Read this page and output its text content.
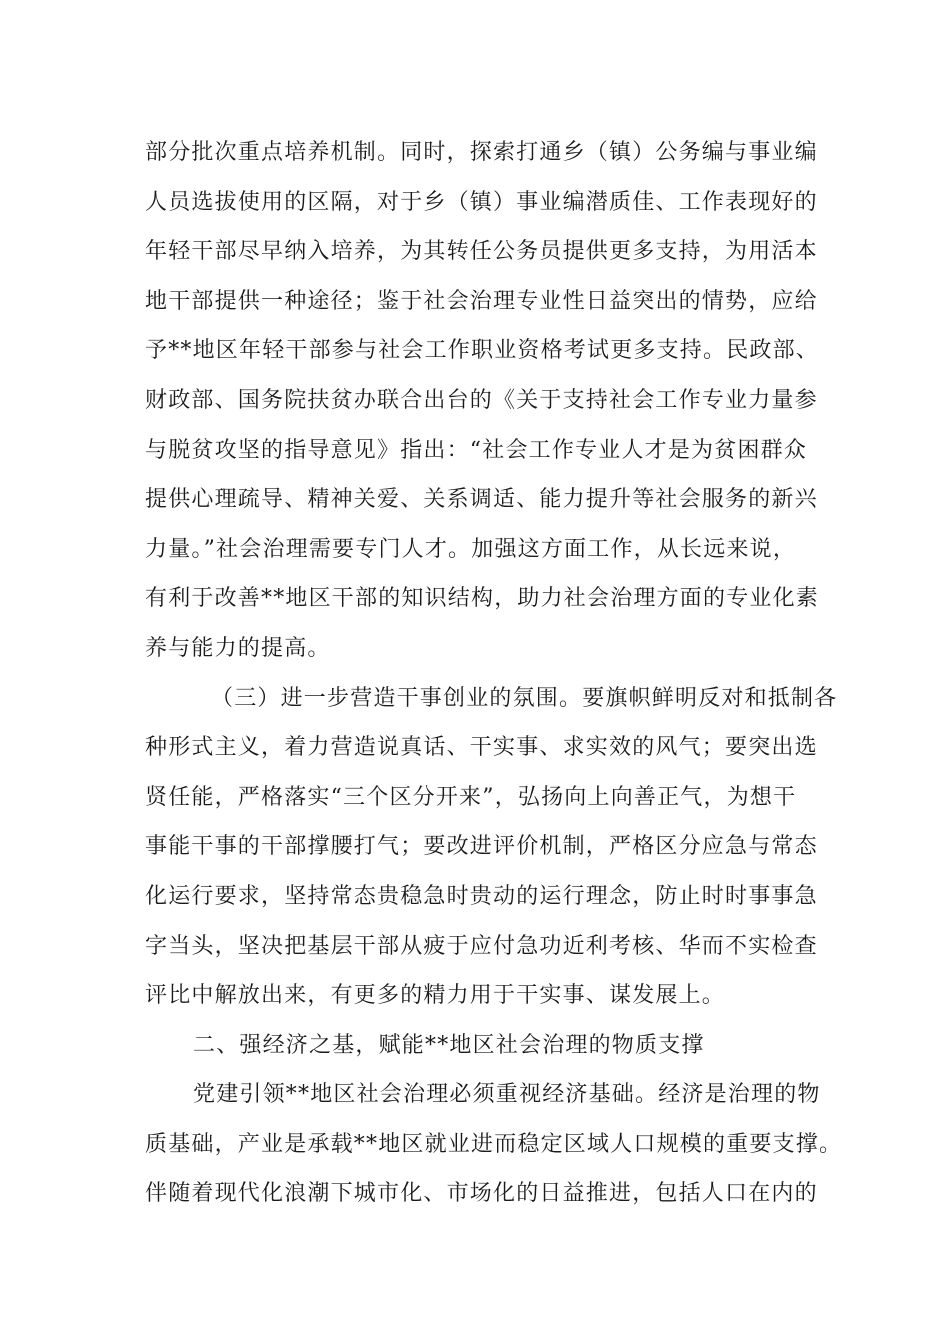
部分批次重点培养机制。同时，探索打通乡（镇）公务编与事业编
人员选拔使用的区隔，对于乡（镇）事业编潜质佳、工作表现好的
年轻干部尽早纳入培养，为其转任公务员提供更多支持，为用活本
地干部提供一种途径；鉴于社会治理专业性日益突出的情势，应给
予**地区年轻干部参与社会工作职业资格考试更多支持。民政部、
财政部、国务院扶贫办联合出台的《关于支持社会工作专业力量参
与脱贫攻坚的指导意见》指出：“社会工作专业人才是为贫困群众
提供心理疏导、精神关爱、关系调适、能力提升等社会服务的新兴
力量。”社会治理需要专门人才。加强这方面工作，从长远来说，
有利于改善**地区干部的知识结构，助力社会治理方面的专业化素
养与能力的提高。
（三）进一步营造干事创业的氛围。要旗帜鲜明反对和抵制各
种形式主义，着力营造说真话、干实事、求实效的风气；要突出选
贤任能，严格落实“三个区分开来”，弘扬向上向善正气，为想干
事能干事的干部撑腰打气；要改进评价机制，严格区分应急与常态
化运行要求，坚持常态贵稳急时贵动的运行理念，防止时时事事急
字当头，坚决把基层干部从疲于应付急功近利考核、华而不实检查
评比中解放出来，有更多的精力用于干实事、谋发展上。
二、强经济之基，赋能**地区社会治理的物质支撑
党建引领**地区社会治理必须重视经济基础。经济是治理的物
质基础，产业是承载**地区就业进而稳定区域人口规模的重要支撑。
伴随着现代化浪潮下城市化、市场化的日益推进，包括人口在内的
